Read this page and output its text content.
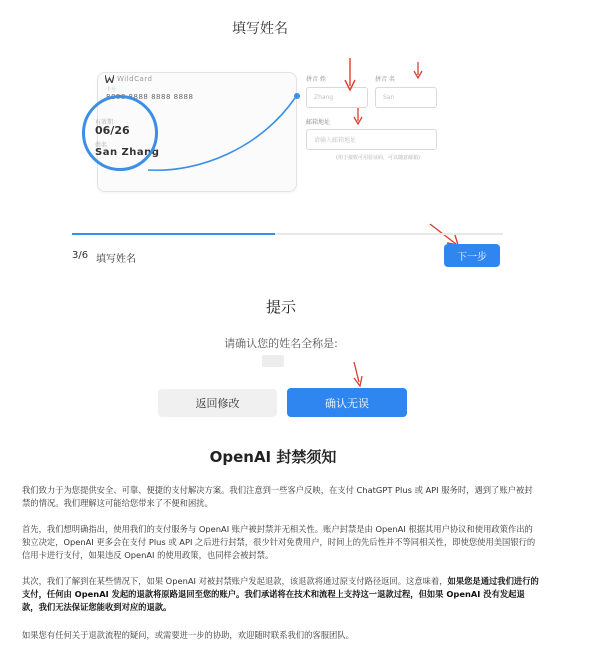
填写姓名
WildCard
卡号
8888 8888 8888 8888
有效期
06/26
姓名
San Zhang
拼音 姓
Zhang
拼音 名
San
邮箱地址
请输入邮箱地址
(用于接收可用验证码，可以随意邮箱)
3/6 填写姓名	下一步
提示
请确认您的姓名全称是:
返回修改	确认无误
OpenAI 封禁须知

我们致力于为您提供安全、可靠、便捷的支付解决方案。我们注意到一些客户反映，在支付 ChatGPT Plus 或 API 服务时，遇到了账户被封禁的情况。我们理解这可能给您带来了不便和困扰。

首先，我们想明确指出，使用我们的支付服务与 OpenAI 账户被封禁并无相关性。账户封禁是由 OpenAI 根据其用户协议和使用政策作出的独立决定，OpenAI 更多会在支付 Plus 或 API 之后进行封禁，很少针对免费用户，时间上的先后性并不等同相关性，即使您使用美国银行的信用卡进行支付，如果违反 OpenAI 的使用政策，也同样会被封禁。

其次，我们了解到在某些情况下，如果 OpenAI 对被封禁账户发起退款，该退款将通过原支付路径返回。这意味着，如果您是通过我们进行的支付，任何由 OpenAI 发起的退款将原路退回至您的账户。我们承诺将在技术和流程上支持这一退款过程，但如果 OpenAI 没有发起退款，我们无法保证您能收到对应的退款。

如果您有任何关于退款流程的疑问，或需要进一步的协助，欢迎随时联系我们的客服团队。
